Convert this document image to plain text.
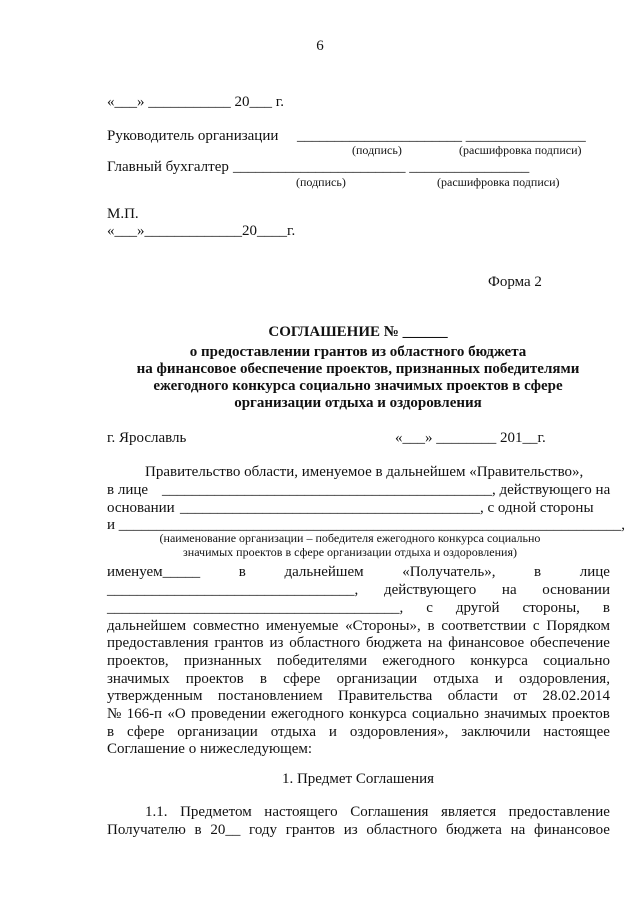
6
«___» ___________ 20___ г.
Руководитель организации ______________________ ________________
(подпись)	(расшифровка подписи)
Главный бухгалтер _______________________ ________________
(подпись)	(расшифровка подписи)
М.П.
«___»_____________20____г.
Форма 2
СОГЛАШЕНИЕ № ______
о предоставлении грантов из областного бюджета
на финансовое обеспечение проектов, признанных победителями
ежегодного конкурса социально значимых проектов в сфере
организации отдыха и оздоровления
г. Ярославль	«___» ________ 201__г.
Правительство области, именуемое в дальнейшем «Правительство»,
в лице ____________________________________________, действующего на
основании ________________________________________, с одной стороны
и ___________________________________________________________________,
(наименование организации – победителя ежегодного конкурса социально
значимых проектов в сфере организации отдыха и оздоровления)
именуем_____	в	дальнейшем	«Получатель»,	в	лице
_________________________________, действующего на основании
_______________________________________, с другой стороны, в
дальнейшем совместно именуемые «Стороны», в соответствии с Порядком
предоставления грантов из областного бюджета на финансовое обеспечение
проектов, признанных победителями ежегодного конкурса социально
значимых проектов в сфере организации отдыха и оздоровления,
утвержденным постановлением Правительства области от 28.02.2014
№ 166-п «О проведении ежегодного конкурса социально значимых проектов
в сфере организации отдыха и оздоровления», заключили настоящее
Соглашение о нижеследующем:
1. Предмет Соглашения
1.1. Предметом настоящего Соглашения является предоставление
Получателю в 20__ году грантов из областного бюджета на финансовое
